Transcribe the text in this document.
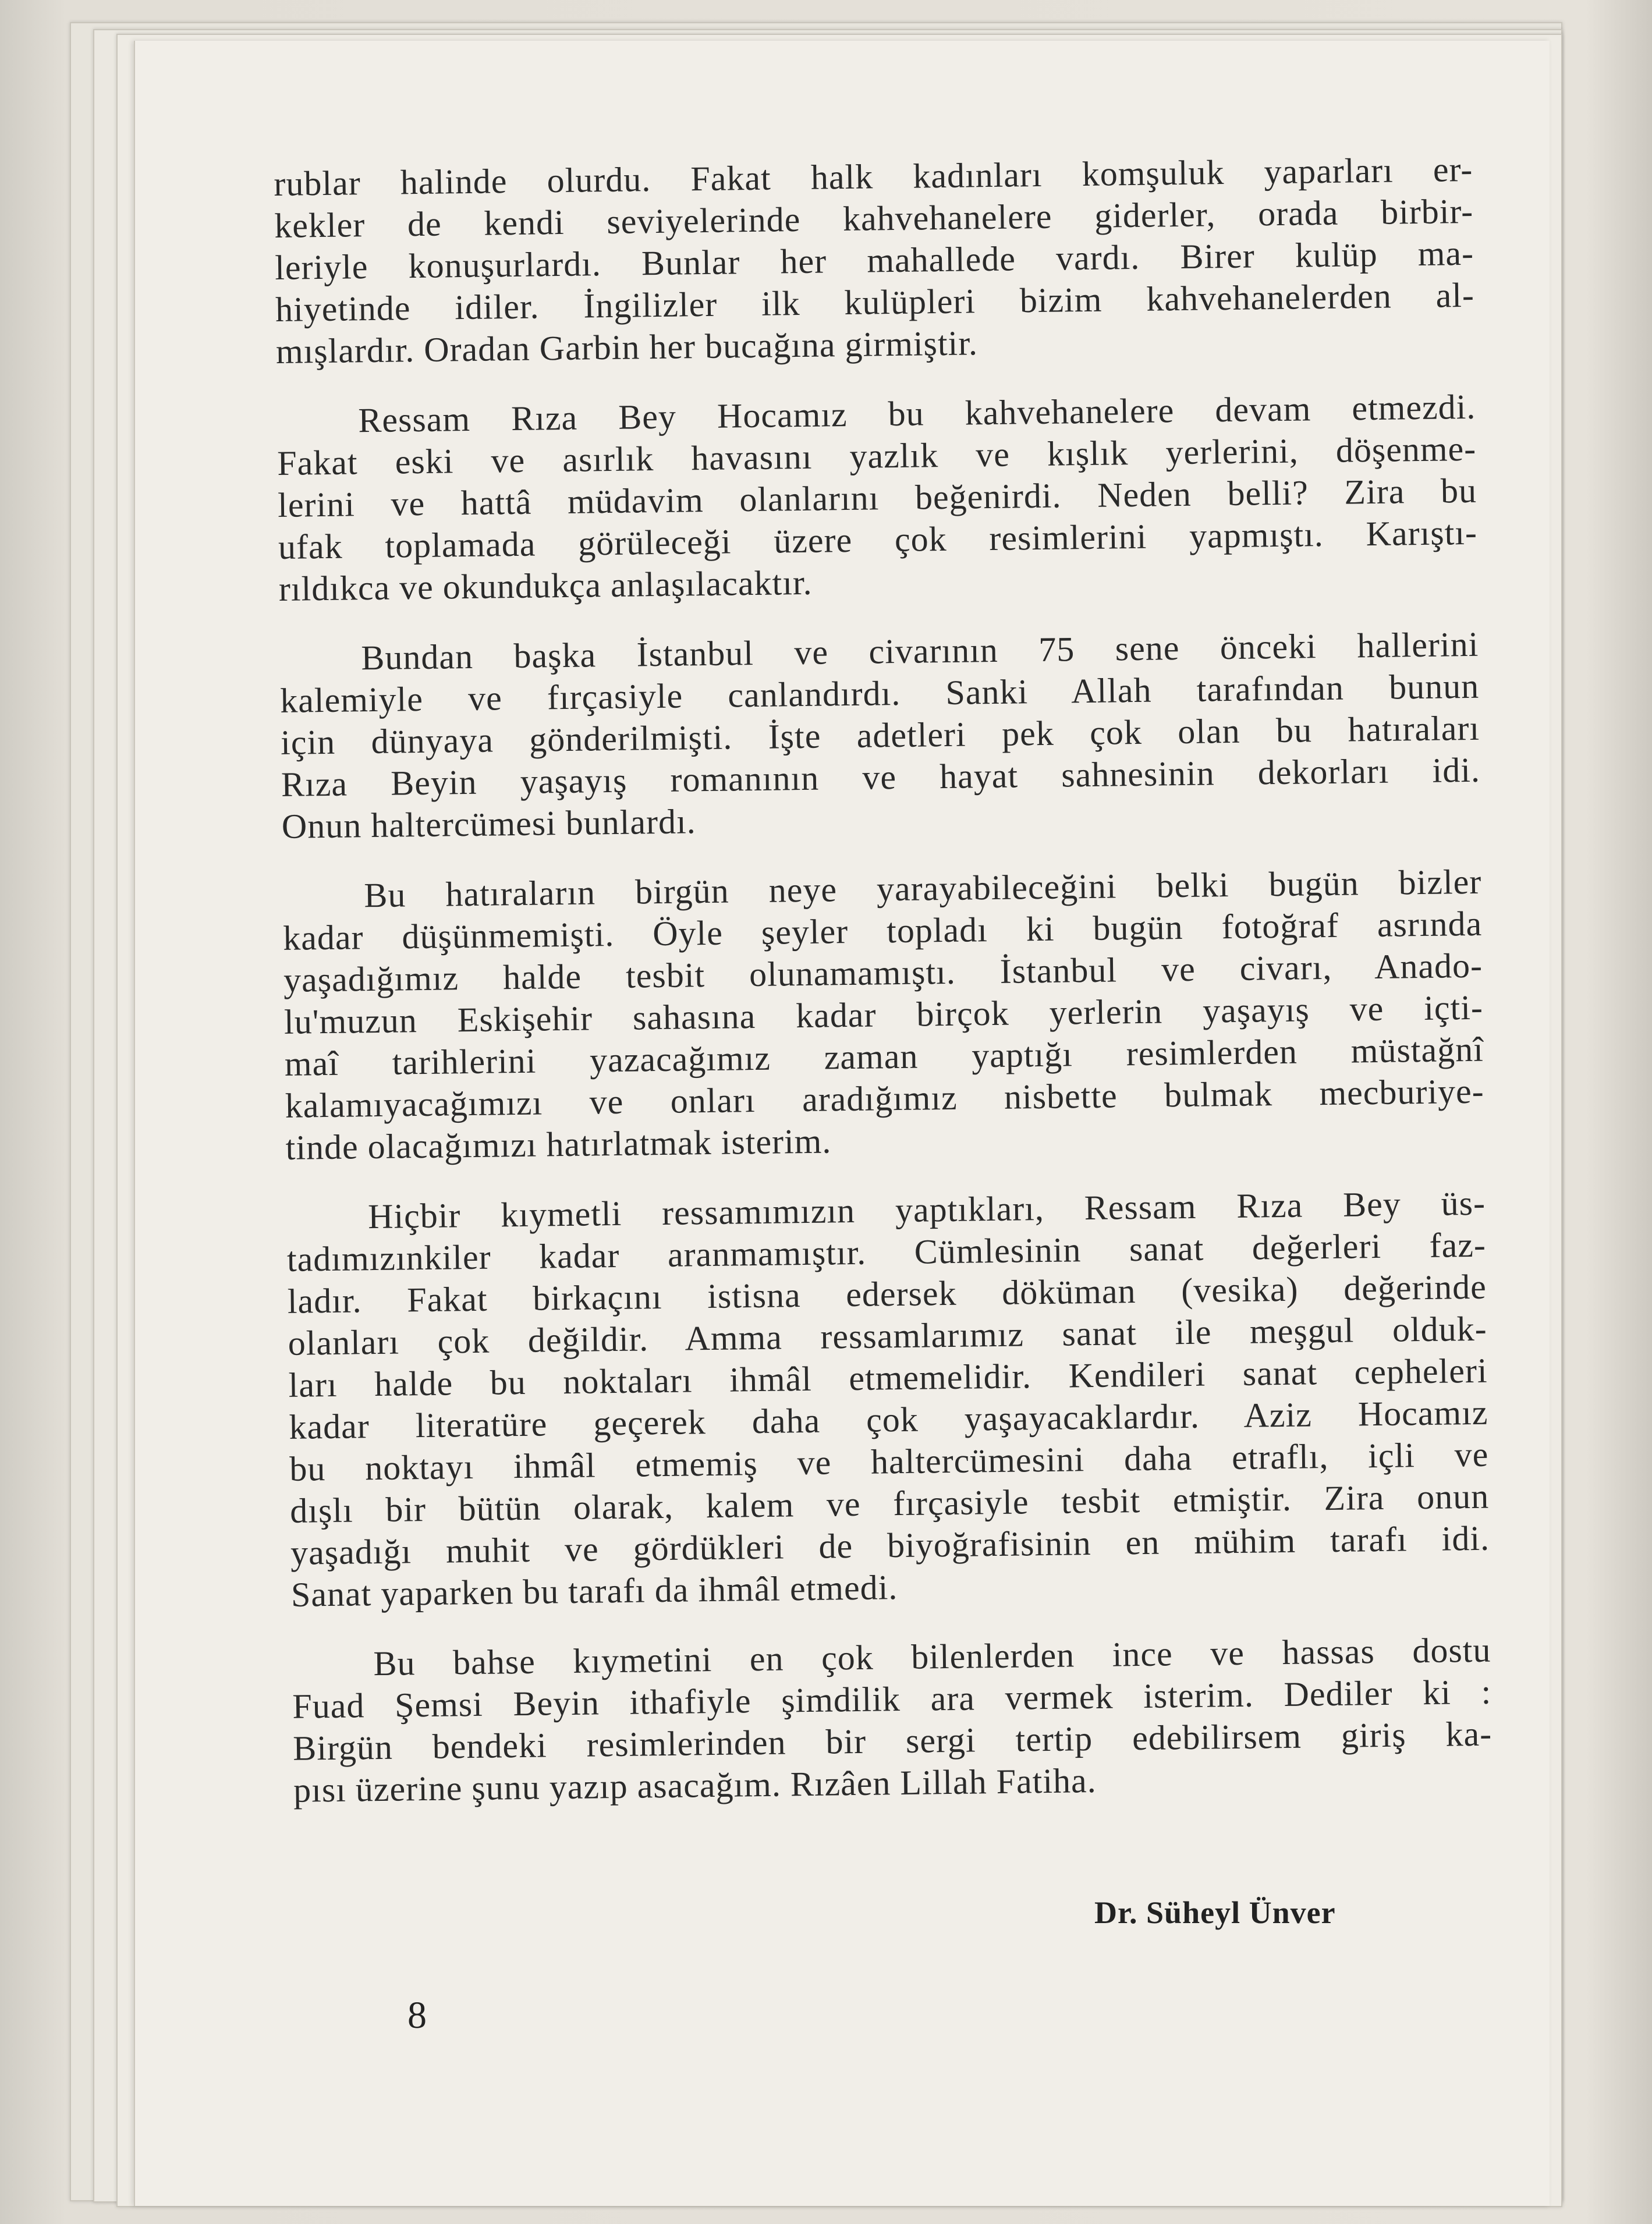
rublar halinde olurdu. Fakat halk kadınları komşuluk yaparları er-
kekler de kendi seviyelerinde kahvehanelere giderler, orada birbir-
leriyle konuşurlardı. Bunlar her mahallede vardı. Birer kulüp ma-
hiyetinde idiler. İngilizler ilk kulüpleri bizim kahvehanelerden al-
mışlardır. Oradan Garbin her bucağına girmiştir.
Ressam Rıza Bey Hocamız bu kahvehanelere devam etmezdi.
Fakat eski ve asırlık havasını yazlık ve kışlık yerlerini, döşenme-
lerini ve hattâ müdavim olanlarını beğenirdi. Neden belli? Zira bu
ufak toplamada görüleceği üzere çok resimlerini yapmıştı. Karıştı-
rıldıkca ve okundukça anlaşılacaktır.
Bundan başka İstanbul ve civarının 75 sene önceki hallerini
kalemiyle ve fırçasiyle canlandırdı. Sanki Allah tarafından bunun
için dünyaya gönderilmişti. İşte adetleri pek çok olan bu hatıraları
Rıza Beyin yaşayış romanının ve hayat sahnesinin dekorları idi.
Onun haltercümesi bunlardı.
Bu hatıraların birgün neye yarayabileceğini belki bugün bizler
kadar düşünmemişti. Öyle şeyler topladı ki bugün fotoğraf asrında
yaşadığımız halde tesbit olunamamıştı. İstanbul ve civarı, Anado-
lu'muzun Eskişehir sahasına kadar birçok yerlerin yaşayış ve içti-
maî tarihlerini yazacağımız zaman yaptığı resimlerden müstağnî
kalamıyacağımızı ve onları aradığımız nisbette bulmak mecburiye-
tinde olacağımızı hatırlatmak isterim.
Hiçbir kıymetli ressamımızın yaptıkları, Ressam Rıza Bey üs-
tadımızınkiler kadar aranmamıştır. Cümlesinin sanat değerleri faz-
ladır. Fakat birkaçını istisna edersek döküman (vesika) değerinde
olanları çok değildir. Amma ressamlarımız sanat ile meşgul olduk-
ları halde bu noktaları ihmâl etmemelidir. Kendileri sanat cepheleri
kadar literatüre geçerek daha çok yaşayacaklardır. Aziz Hocamız
bu noktayı ihmâl etmemiş ve haltercümesini daha etraflı, içli ve
dışlı bir bütün olarak, kalem ve fırçasiyle tesbit etmiştir. Zira onun
yaşadığı muhit ve gördükleri de biyoğrafisinin en mühim tarafı idi.
Sanat yaparken bu tarafı da ihmâl etmedi.
Bu bahse kıymetini en çok bilenlerden ince ve hassas dostu
Fuad Şemsi Beyin ithafiyle şimdilik ara vermek isterim. Dediler ki :
Birgün bendeki resimlerinden bir sergi tertip edebilirsem giriş ka-
pısı üzerine şunu yazıp asacağım. Rızâen Lillah Fatiha.
Dr. Süheyl Ünver
8
